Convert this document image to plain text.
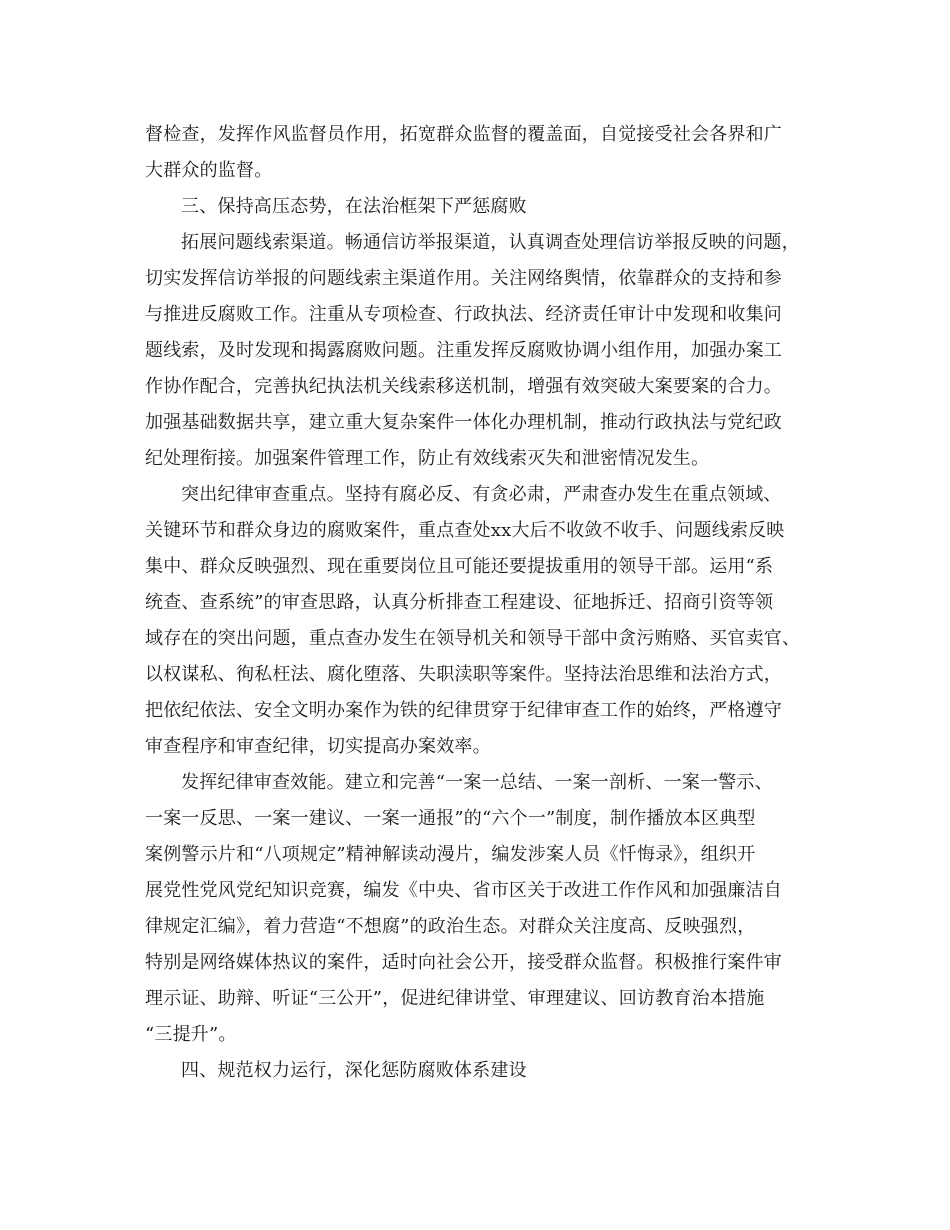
督检查，发挥作风监督员作用，拓宽群众监督的覆盖面，自觉接受社会各界和广
大群众的监督。
三、保持高压态势，在法治框架下严惩腐败
拓展问题线索渠道。畅通信访举报渠道，认真调查处理信访举报反映的问题，
切实发挥信访举报的问题线索主渠道作用。关注网络舆情，依靠群众的支持和参
与推进反腐败工作。注重从专项检查、行政执法、经济责任审计中发现和收集问
题线索，及时发现和揭露腐败问题。注重发挥反腐败协调小组作用，加强办案工
作协作配合，完善执纪执法机关线索移送机制，增强有效突破大案要案的合力。
加强基础数据共享，建立重大复杂案件一体化办理机制，推动行政执法与党纪政
纪处理衔接。加强案件管理工作，防止有效线索灭失和泄密情况发生。
突出纪律审查重点。坚持有腐必反、有贪必肃，严肃查办发生在重点领域、
关键环节和群众身边的腐败案件，重点查处xx大后不收敛不收手、问题线索反映
集中、群众反映强烈、现在重要岗位且可能还要提拔重用的领导干部。运用“系
统查、查系统”的审查思路，认真分析排查工程建设、征地拆迁、招商引资等领
域存在的突出问题，重点查办发生在领导机关和领导干部中贪污贿赂、买官卖官、
以权谋私、徇私枉法、腐化堕落、失职渎职等案件。坚持法治思维和法治方式，
把依纪依法、安全文明办案作为铁的纪律贯穿于纪律审查工作的始终，严格遵守
审查程序和审查纪律，切实提高办案效率。
发挥纪律审查效能。建立和完善“一案一总结、一案一剖析、一案一警示、
一案一反思、一案一建议、一案一通报”的“六个一”制度，制作播放本区典型
案例警示片和“八项规定”精神解读动漫片，编发涉案人员《忏悔录》，组织开
展党性党风党纪知识竞赛，编发《中央、省市区关于改进工作作风和加强廉洁自
律规定汇编》，着力营造“不想腐”的政治生态。对群众关注度高、反映强烈，
特别是网络媒体热议的案件，适时向社会公开，接受群众监督。积极推行案件审
理示证、助辩、听证“三公开”，促进纪律讲堂、审理建议、回访教育治本措施
“三提升”。
四、规范权力运行，深化惩防腐败体系建设
